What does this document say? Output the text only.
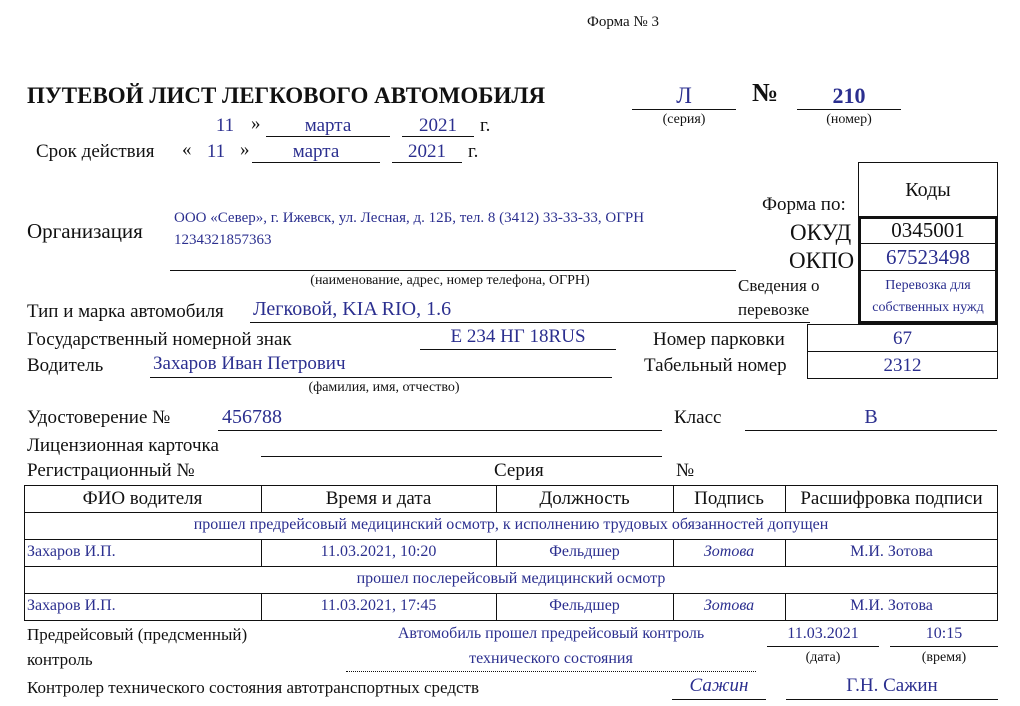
Форма № 3
ПУТЕВОЙ ЛИСТ ЛЕГКОВОГО АВТОМОБИЛЯ	Л
(серия)
№	210
(номер)
11 »	марта	2021	г.
Срок действия « 11 »	марта	2021	г.
Коды
Форма по:
ОКУД	0345001
ОКПО	67523498
Сведения о
перевозке
Перевозка для
собственных нужд
Организация
ООО «Север», г. Ижевск, ул. Лесная, д. 12Б, тел. 8 (3412) 33-33-33, ОГРН
1234321857363
(наименование, адрес, номер телефона, ОГРН)
Тип и марка автомобиля Легковой, KIA RIO, 1.6
Государственный номерной знак	Е 234 НГ 18RUS	Номер парковки	67
Водитель	Захаров Иван Петрович
(фамилия, имя, отчество)
Табельный номер	2312
Удостоверение №	456788	Класс	В
Лицензионная карточка
Регистрационный №	Серия	№
ФИО водителя	Время и дата	Должность	Подпись	Расшифровка подписи
прошел предрейсовый медицинский осмотр, к исполнению трудовых обязанностей допущен
Захаров И.П.	11.03.2021, 10:20	Фельдшер	Зотова	М.И. Зотова
прошел послерейсовый медицинский осмотр
Захаров И.П.	11.03.2021, 17:45	Фельдшер	Зотова	М.И. Зотова
Предрейсовый (предсменный)
контроль
Автомобиль прошел предрейсовый контроль
технического состояния
11.03.2021
(дата)
10:15
(время)
Контролер технического состояния автотранспортных средств	Сажин	Г.Н. Сажин
